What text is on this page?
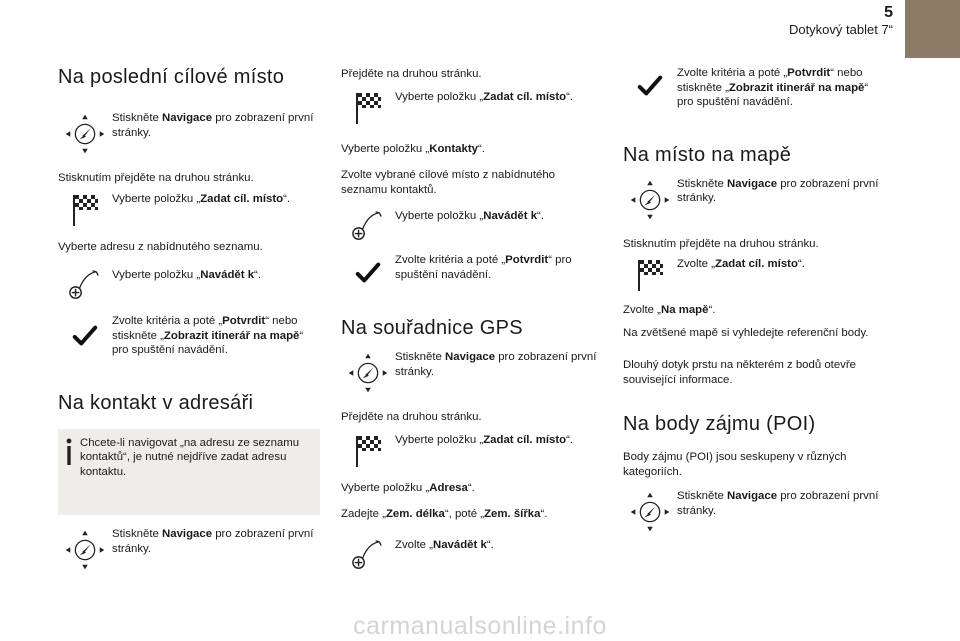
5
Dotykový tablet 7“
Na poslední cílové místo
Stiskněte Navigace pro zobrazení první stránky.

Stisknutím přejděte na druhou stránku.

Vyberte položku „Zadat cíl. místo“.

Vyberte adresu z nabídnutého seznamu.

Vyberte položku „Navádět k“.
Zvolte kritéria a poté „Potvrdit“ nebo stiskněte „Zobrazit itinerář na mapě“ pro spuštění navádění.
Na kontakt v adresáři
Chcete-li navigovat „na adresu ze seznamu kontaktů“, je nutné nejdříve zadat adresu kontaktu.
Stiskněte Navigace pro zobrazení první stránky.

Přejděte na druhou stránku.

Vyberte položku „Zadat cíl. místo“.

Vyberte položku „Kontakty“.

Zvolte vybrané cílové místo z nabídnutého seznamu kontaktů.

Vyberte položku „Navádět k“.
Zvolte kritéria a poté „Potvrdit“ pro spuštění navádění.
Na souřadnice GPS
Stiskněte Navigace pro zobrazení první stránky.

Přejděte na druhou stránku.

Vyberte položku „Zadat cíl. místo“.

Vyberte položku „Adresa“.

Zadejte „Zem. délka“, poté „Zem. šířka“.

Zvolte „Navádět k“.
Zvolte kritéria a poté „Potvrdit“ nebo stiskněte „Zobrazit itinerář na mapě“ pro spuštění navádění.
Na místo na mapě
Stiskněte Navigace pro zobrazení první stránky.

Stisknutím přejděte na druhou stránku.

Zvolte „Zadat cíl. místo“.

Zvolte „Na mapě“.

Na zvětšené mapě si vyhledejte referenční body.

Dlouhý dotyk prstu na některém z bodů otevře související informace.

Na body zájmu (POI)

Body zájmu (POI) jsou seskupeny v různých kategoriích.

Stiskněte Navigace pro zobrazení první stránky.
carmanualsonline.info
